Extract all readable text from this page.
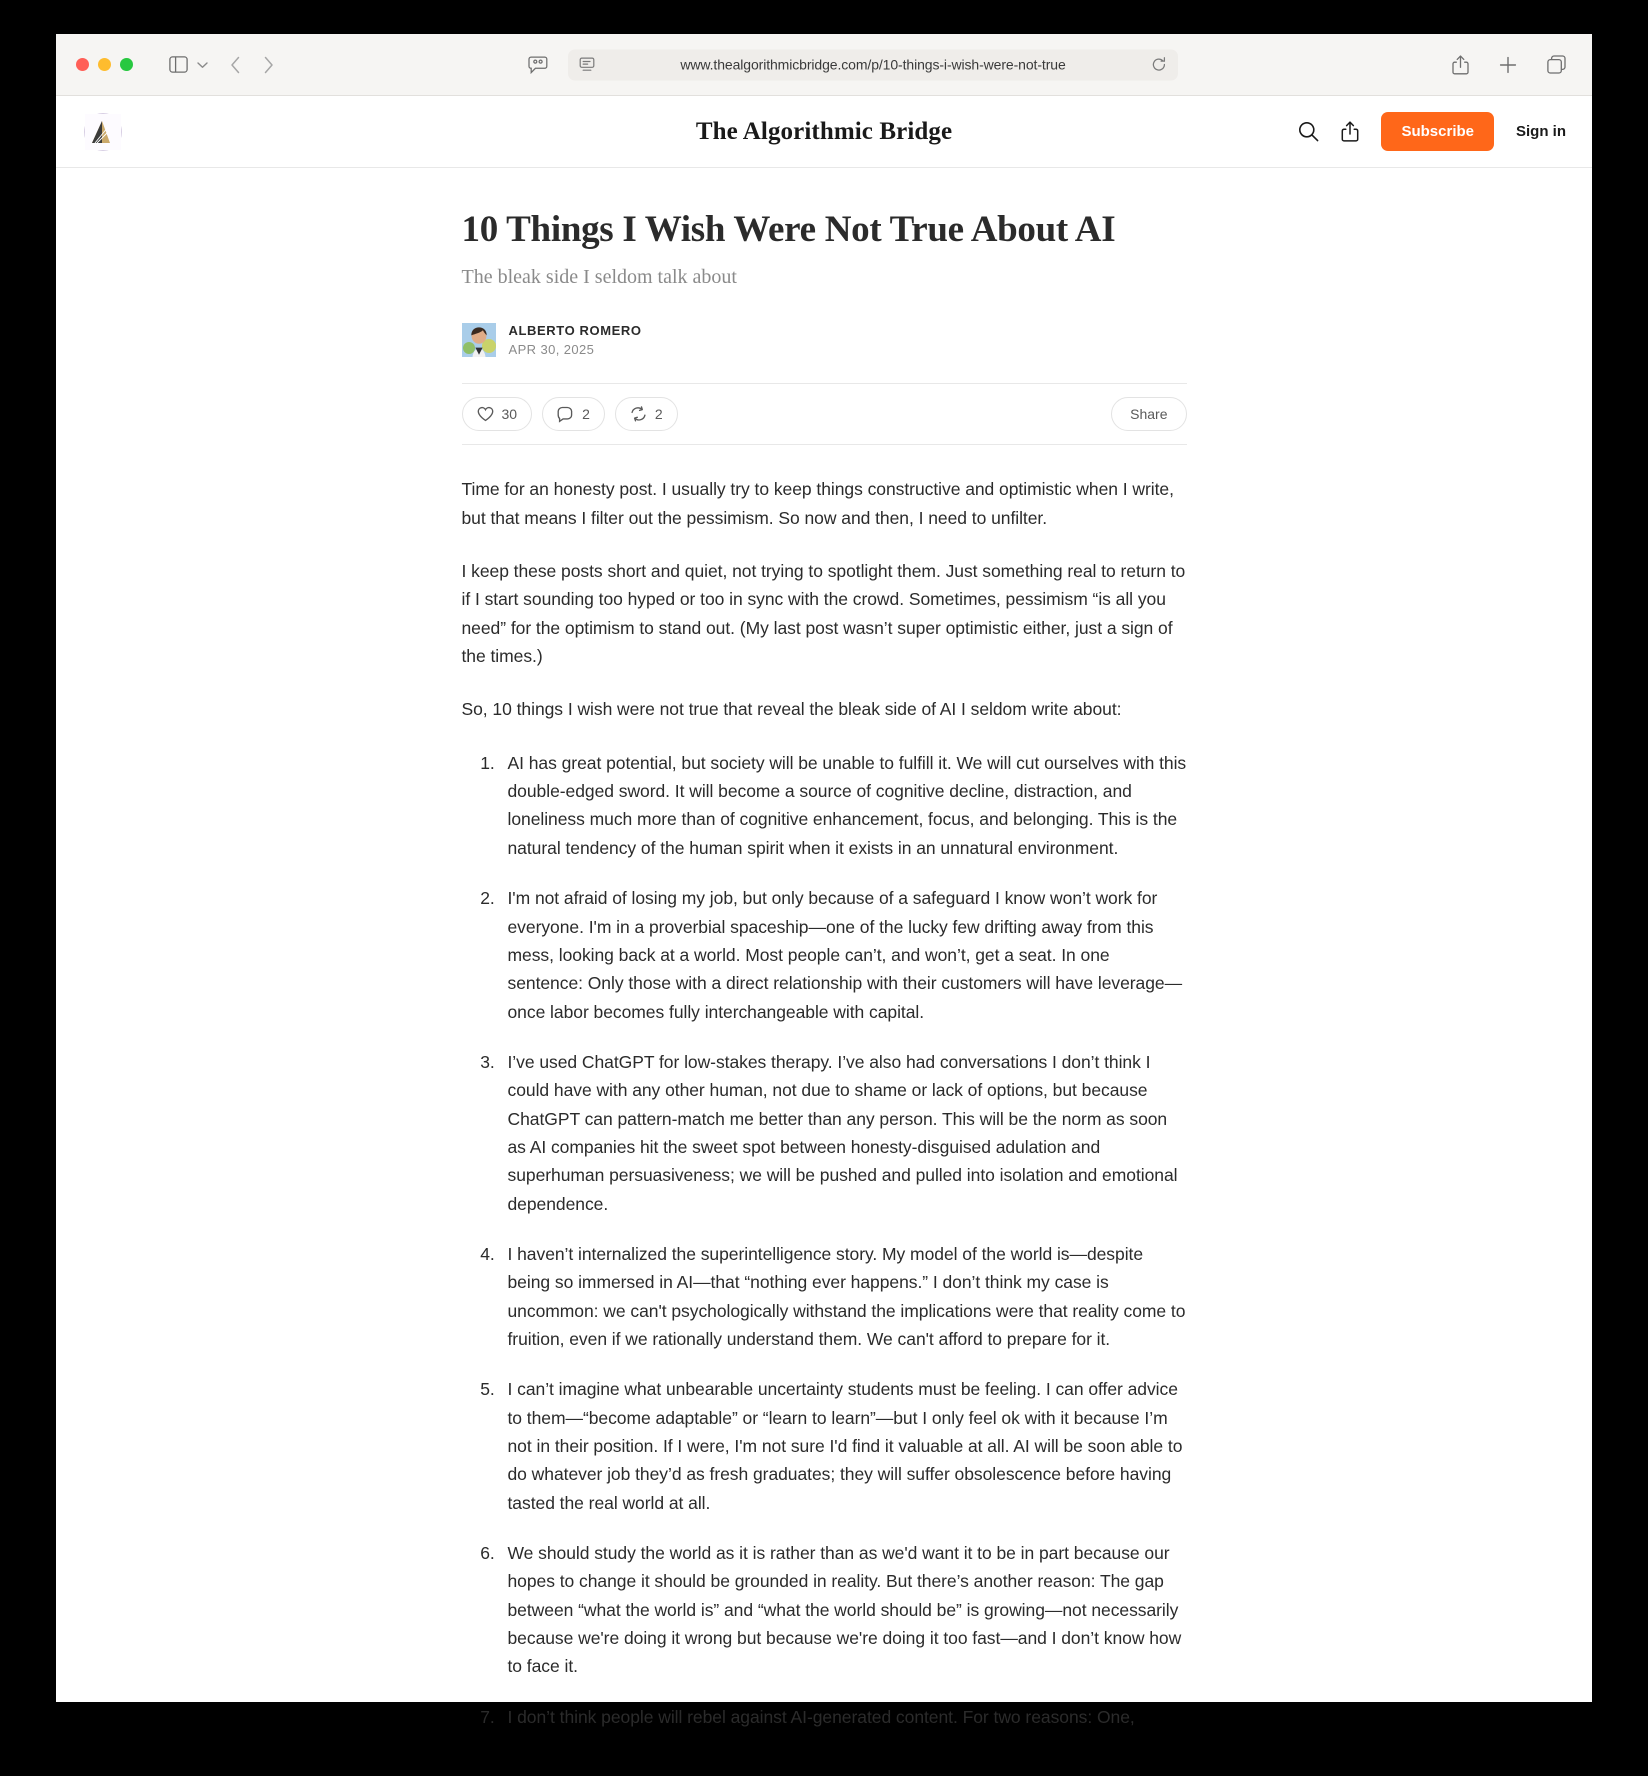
www.thealgorithmicbridge.com/p/10-things-i-wish-were-not-true
The Algorithmic Bridge	Subscribe	Sign in
10 Things I Wish Were Not True About AI
The bleak side I seldom talk about
ALBERTO ROMERO
APR 30, 2025
30	2	2	Share

Time for an honesty post. I usually try to keep things constructive and optimistic when I write, but that means I filter out the pessimism. So now and then, I need to unfilter.

I keep these posts short and quiet, not trying to spotlight them. Just something real to return to if I start sounding too hyped or too in sync with the crowd. Sometimes, pessimism “is all you need” for the optimism to stand out. (My last post wasn’t super optimistic either, just a sign of the times.)

So, 10 things I wish were not true that reveal the bleak side of AI I seldom write about:

1. AI has great potential, but society will be unable to fulfill it. We will cut ourselves with this double-edged sword. It will become a source of cognitive decline, distraction, and loneliness much more than of cognitive enhancement, focus, and belonging. This is the natural tendency of the human spirit when it exists in an unnatural environment.
2. I'm not afraid of losing my job, but only because of a safeguard I know won’t work for everyone. I'm in a proverbial spaceship—one of the lucky few drifting away from this mess, looking back at a world. Most people can’t, and won’t, get a seat. In one sentence: Only those with a direct relationship with their customers will have leverage—once labor becomes fully interchangeable with capital.
3. I’ve used ChatGPT for low-stakes therapy. I’ve also had conversations I don’t think I could have with any other human, not due to shame or lack of options, but because ChatGPT can pattern-match me better than any person. This will be the norm as soon as AI companies hit the sweet spot between honesty-disguised adulation and superhuman persuasiveness; we will be pushed and pulled into isolation and emotional dependence.
4. I haven’t internalized the superintelligence story. My model of the world is—despite being so immersed in AI—that “nothing ever happens.” I don’t think my case is uncommon: we can't psychologically withstand the implications were that reality come to fruition, even if we rationally understand them. We can't afford to prepare for it.
5. I can’t imagine what unbearable uncertainty students must be feeling. I can offer advice to them—“become adaptable” or “learn to learn”—but I only feel ok with it because I’m not in their position. If I were, I'm not sure I'd find it valuable at all. AI will be soon able to do whatever job they’d as fresh graduates; they will suffer obsolescence before having tasted the real world at all.
6. We should study the world as it is rather than as we'd want it to be in part because our hopes to change it should be grounded in reality. But there’s another reason: The gap between “what the world is” and “what the world should be” is growing—not necessarily because we're doing it wrong but because we're doing it too fast—and I don’t know how to face it.
7. I don’t think people will rebel against AI-generated content. For two reasons: One,
